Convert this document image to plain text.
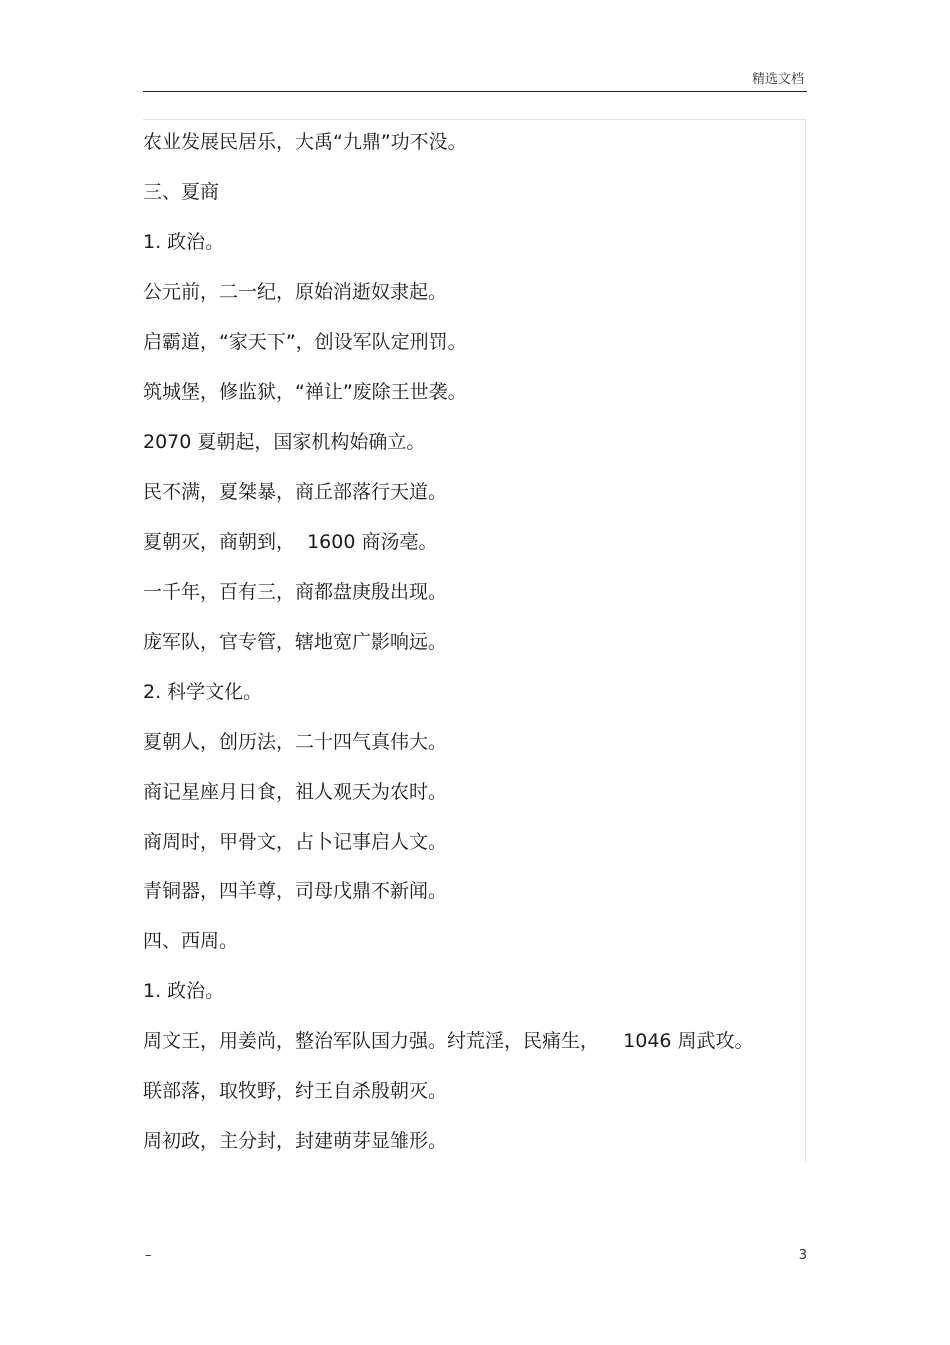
精选文档
农业发展民居乐，大禹“九鼎”功不没。
三、夏商
1. 政治。
公元前，二一纪，原始消逝奴隶起。
启霸道，“家天下”，创设军队定刑罚。
筑城堡，修监狱，“禅让”废除王世袭。
2070 夏朝起，国家机构始确立。
民不满，夏桀暴，商丘部落行天道。
夏朝灭，商朝到，  1600 商汤亳。
一千年，百有三，商都盘庚殷出现。
庞军队，官专管，辖地宽广影响远。
2. 科学文化。
夏朝人，创历法，二十四气真伟大。
商记星座月日食，祖人观天为农时。
商周时，甲骨文，占卜记事启人文。
青铜器，四羊尊，司母戊鼎不新闻。
四、西周。
1. 政治。
周文王，用姜尚，整治军队国力强。纣荒淫，民痛生，    1046 周武攻。
联部落，取牧野，纣王自杀殷朝灭。
周初政，主分封，封建萌芽显雏形。
–	3
